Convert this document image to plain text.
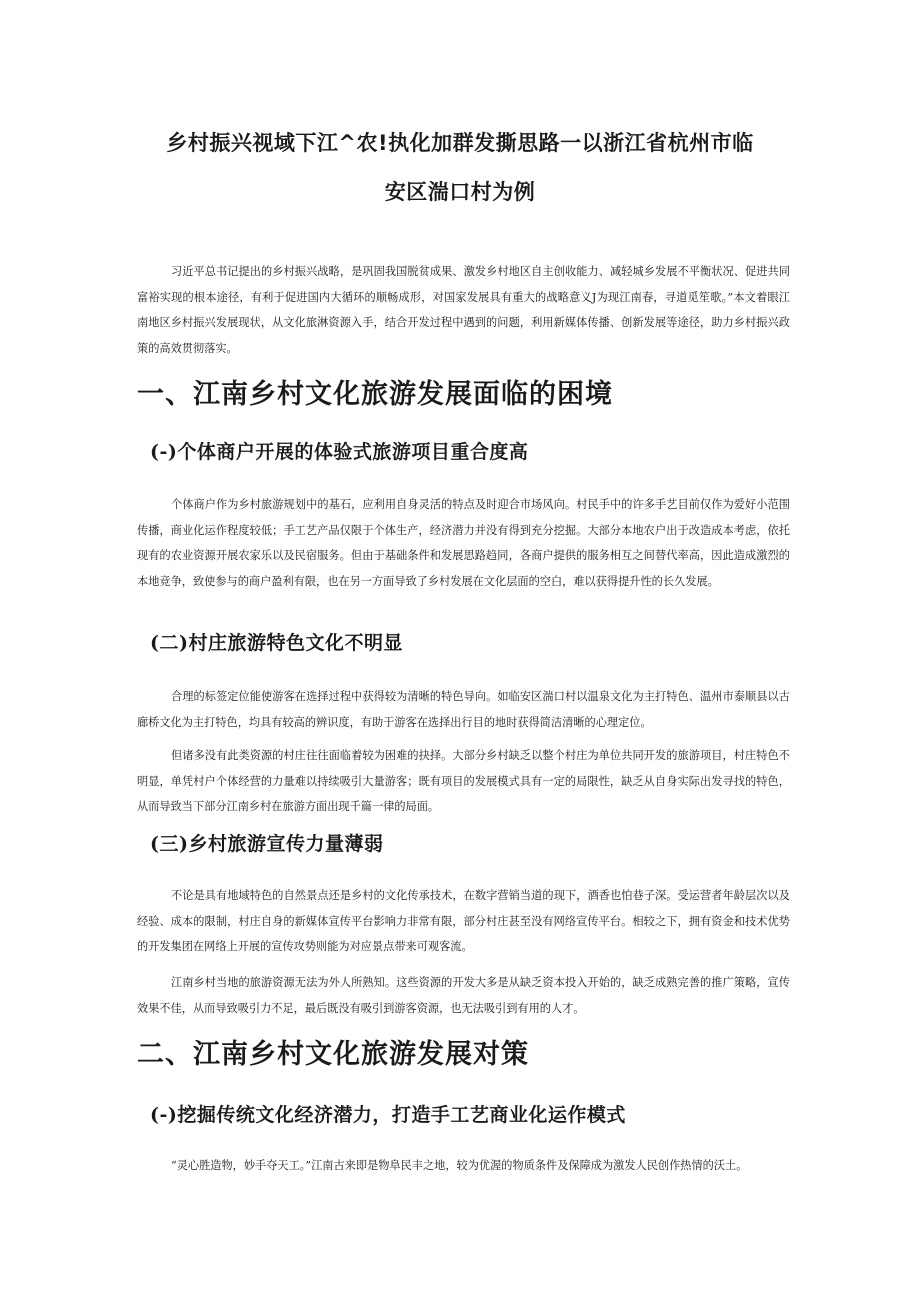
乡村振兴视域下江^农!执化加群发撕思路一以浙江省杭州市临
安区湍口村为例

习近平总书记提出的乡村振兴战略，是巩固我国脱贫成果、激发乡村地区自主创收能力、减轻城乡发展不平衡状况、促进共同富裕实现的根本途径，有利于促进国内大循环的顺畅成形，对国家发展具有重大的战略意义J为现江南春，寻道觅笙歌。”本文着眼江南地区乡村振兴发展现状，从文化旅淋资源入手，结合开发过程中遇到的问题，利用新媒体传播、创新发展等途径，助力乡村振兴政策的高效贯彻落实。

一、江南乡村文化旅游发展面临的困境
(-)个体商户开展的体验式旅游项目重合度高

个体商户作为乡村旅游规划中的基石，应利用自身灵活的特点及时迎合市场风向。村民手中的许多手艺目前仅作为爱好小范围传播，商业化运作程度较低；手工艺产品仅限于个体生产，经济潜力并没有得到充分挖掘。大部分本地农户出于改造成本考虑，依托现有的农业资源开展农家乐以及民宿服务。但由于基础条件和发展思路趋同，各商户提供的服务相互之间替代率高，因此造成激烈的本地竞争，致使参与的商户盈利有限，也在另一方面导致了乡村发展在文化层面的空白，难以获得提升性的长久发展。

(二)村庄旅游特色文化不明显

合理的标签定位能使游客在选择过程中获得较为清晰的特色导向。如临安区湍口村以温泉文化为主打特色、温州市泰顺县以古廊桥文化为主打特色，均具有较高的辨识度，有助于游客在选择出行目的地时获得简洁清晰的心理定位。

但诸多没有此类资源的村庄往往面临着较为困难的抉择。大部分乡村缺乏以整个村庄为单位共同开发的旅游项目，村庄特色不明显，单凭村户个体经营的力量难以持续吸引大量游客；既有项目的发展模式具有一定的局限性，缺乏从自身实际出发寻找的特色，从而导致当下部分江南乡村在旅游方面出现千篇一律的局面。

(三)乡村旅游宣传力量薄弱

不论是具有地域特色的自然景点还是乡村的文化传承技术，在数字营销当道的现下，酒香也怕巷子深。受运营者年龄层次以及经验、成本的限制，村庄自身的新媒体宣传平台影响力非常有限，部分村庄甚至没有网络宣传平台。相较之下，拥有资金和技术优势的开发集团在网络上开展的宣传攻势则能为对应景点带来可观客流。

江南乡村当地的旅游资源无法为外人所熟知。这些资源的开发大多是从缺乏资本投入开始的，缺乏成熟完善的推广策略，宣传效果不佳，从而导致吸引力不足，最后既没有吸引到游客资源，也无法吸引到有用的人才。

二、江南乡村文化旅游发展对策
(-)挖掘传统文化经济潜力，打造手工艺商业化运作模式

“灵心胜造物，妙手夺天工。”江南古来即是物阜民丰之地，较为优渥的物质条件及保障成为激发人民创作热情的沃土。
